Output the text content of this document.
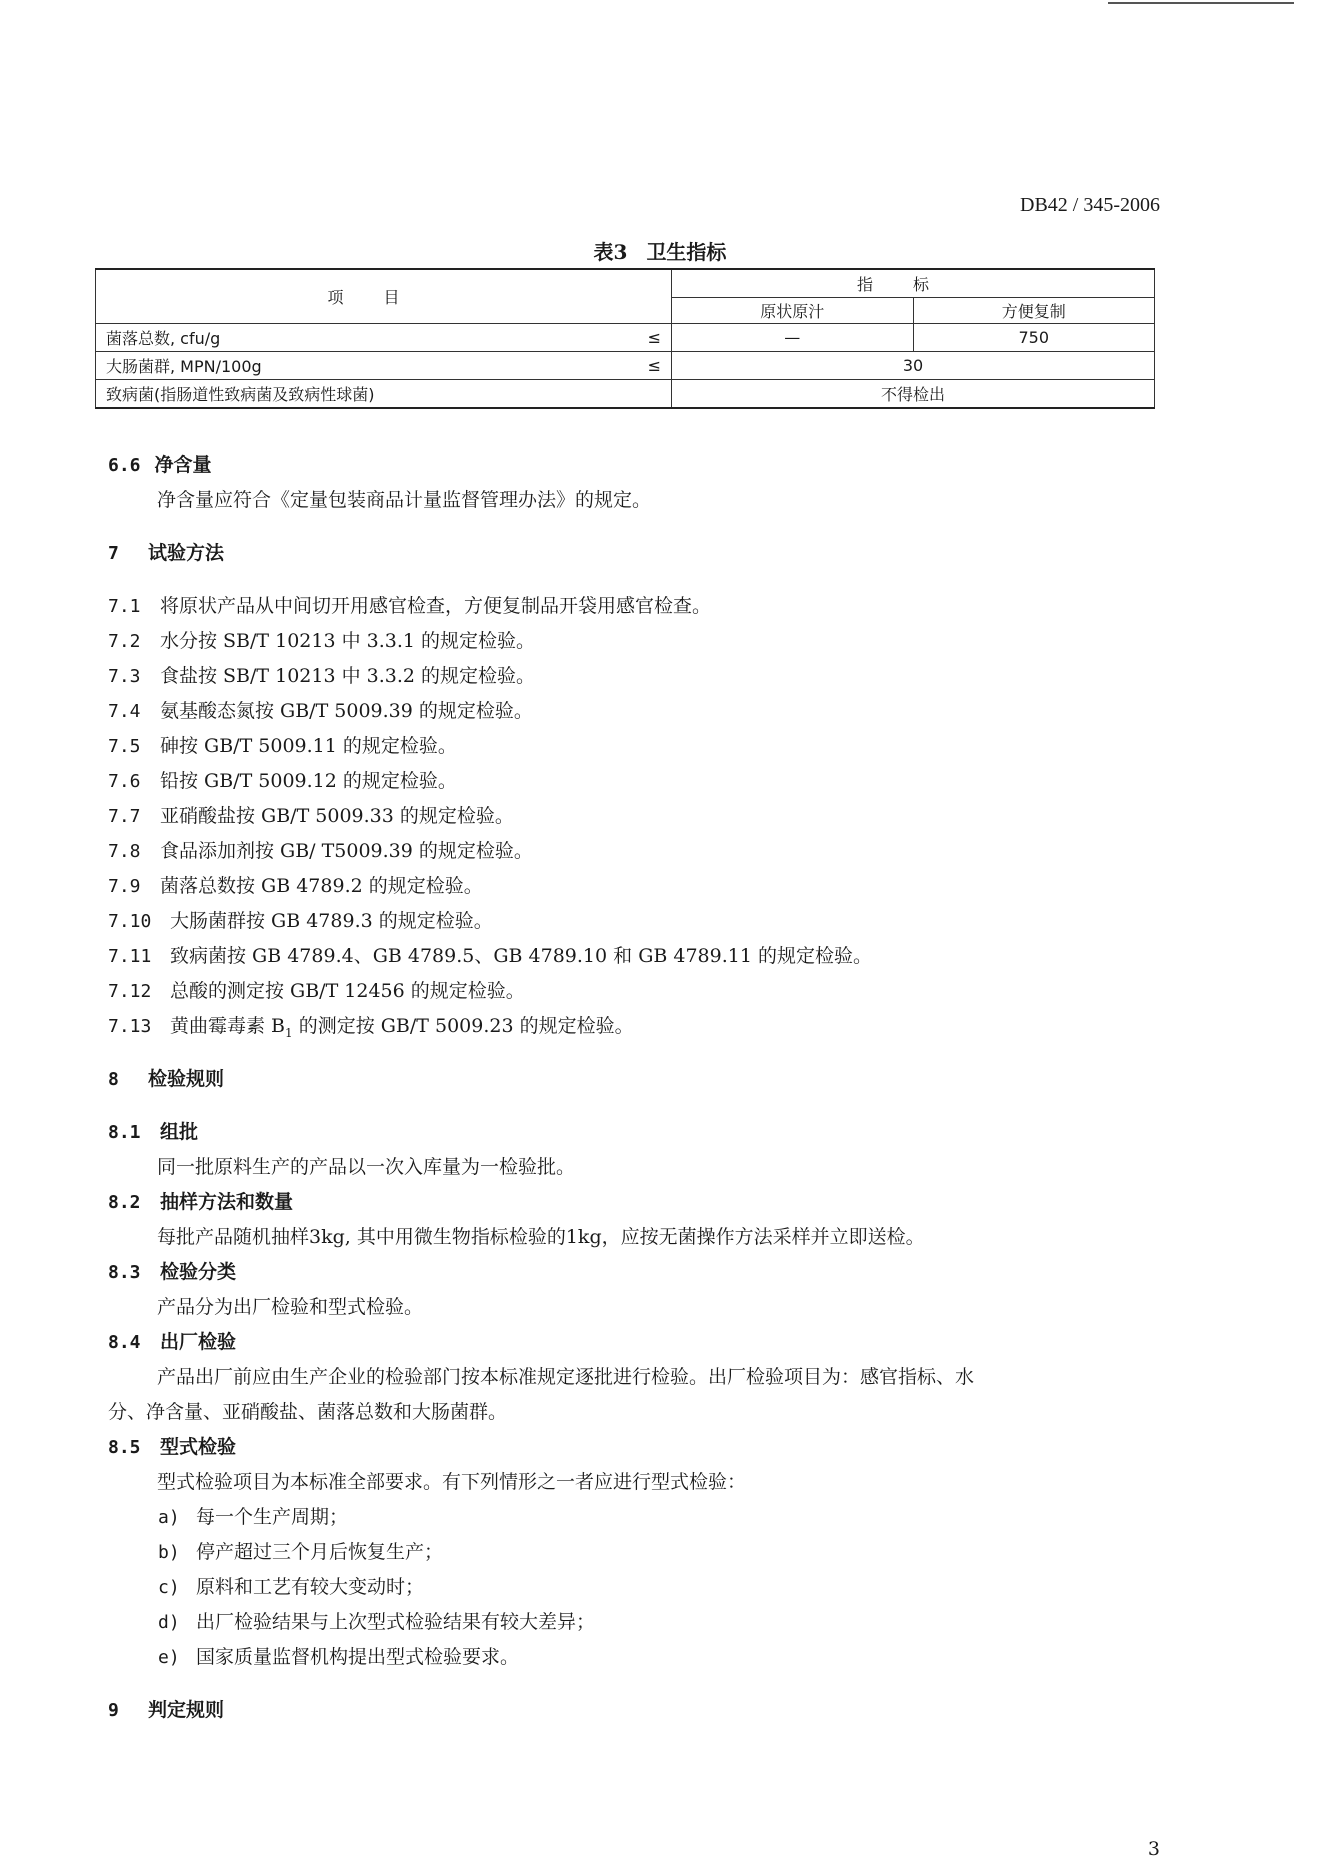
DB42 / 345-2006
表3 卫生指标
项目	指标	
	原状原汁	方便复制

菌落总数, cfu/g ≤	—	750

大肠菌群, MPN/100g ≤	30	
致病菌(指肠道性致病菌及致病性球菌)	不得检出	
6.6 净含量
净含量应符合《定量包装商品计量监督管理办法》的规定。
7 试验方法
7.1 将原状产品从中间切开用感官检查，方便复制品开袋用感官检查。
7.2 水分按 SB/T 10213 中 3.3.1 的规定检验。
7.3 食盐按 SB/T 10213 中 3.3.2 的规定检验。
7.4 氨基酸态氮按 GB/T 5009.39 的规定检验。
7.5 砷按 GB/T 5009.11 的规定检验。
7.6 铅按 GB/T 5009.12 的规定检验。
7.7 亚硝酸盐按 GB/T 5009.33 的规定检验。
7.8 食品添加剂按 GB/ T5009.39 的规定检验。
7.9 菌落总数按 GB 4789.2 的规定检验。
7.10 大肠菌群按 GB 4789.3 的规定检验。
7.11 致病菌按 GB 4789.4、GB 4789.5、GB 4789.10 和 GB 4789.11 的规定检验。
7.12 总酸的测定按 GB/T 12456 的规定检验。
7.13 黄曲霉毒素 $B_1$ 的测定按 GB/T 5009.23 的规定检验。
8 检验规则
8.1 组批
同一批原料生产的产品以一次入库量为一检验批。
8.2 抽样方法和数量
每批产品随机抽样3kg, 其中用微生物指标检验的1kg，应按无菌操作方法采样并立即送检。
8.3 检验分类
产品分为出厂检验和型式检验。
8.4 出厂检验
产品出厂前应由生产企业的检验部门按本标准规定逐批进行检验。出厂检验项目为：感官指标、水
分、净含量、亚硝酸盐、菌落总数和大肠菌群。
8.5 型式检验
型式检验项目为本标准全部要求。有下列情形之一者应进行型式检验：
a) 每一个生产周期；
b) 停产超过三个月后恢复生产；
c) 原料和工艺有较大变动时；
d) 出厂检验结果与上次型式检验结果有较大差异；
e) 国家质量监督机构提出型式检验要求。
9 判定规则
3
